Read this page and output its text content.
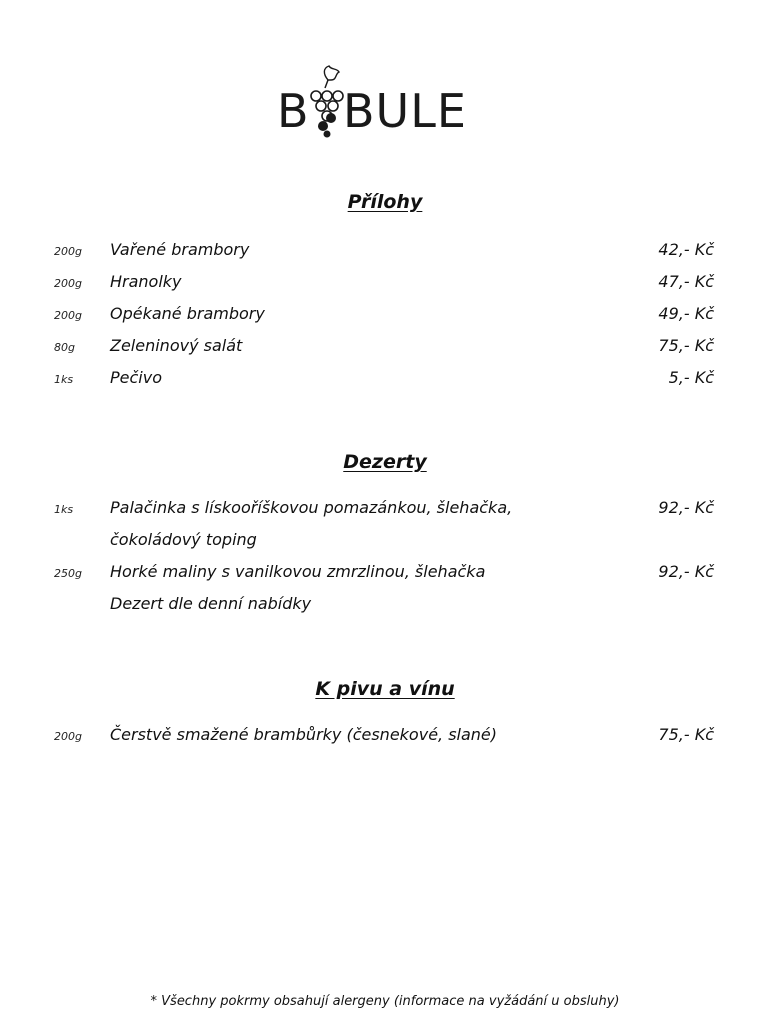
B BULE
Přílohy
200g Vařené brambory	42,- Kč
200g Hranolky	47,- Kč
200g Opékané brambory	49,- Kč
80g Zeleninový salát	75,- Kč
1ks Pečivo	5,- Kč
Dezerty
1ks Palačinka s lískooříškovou pomazánkou, šlehačka,	92,- Kč
čokoládový toping
250g Horké maliny s vanilkovou zmrzlinou, šlehačka	92,- Kč
Dezert dle denní nabídky
K pivu a vínu
200g Čerstvě smažené brambůrky (česnekové, slané)	75,- Kč
* Všechny pokrmy obsahují alergeny (informace na vyžádání u obsluhy)
